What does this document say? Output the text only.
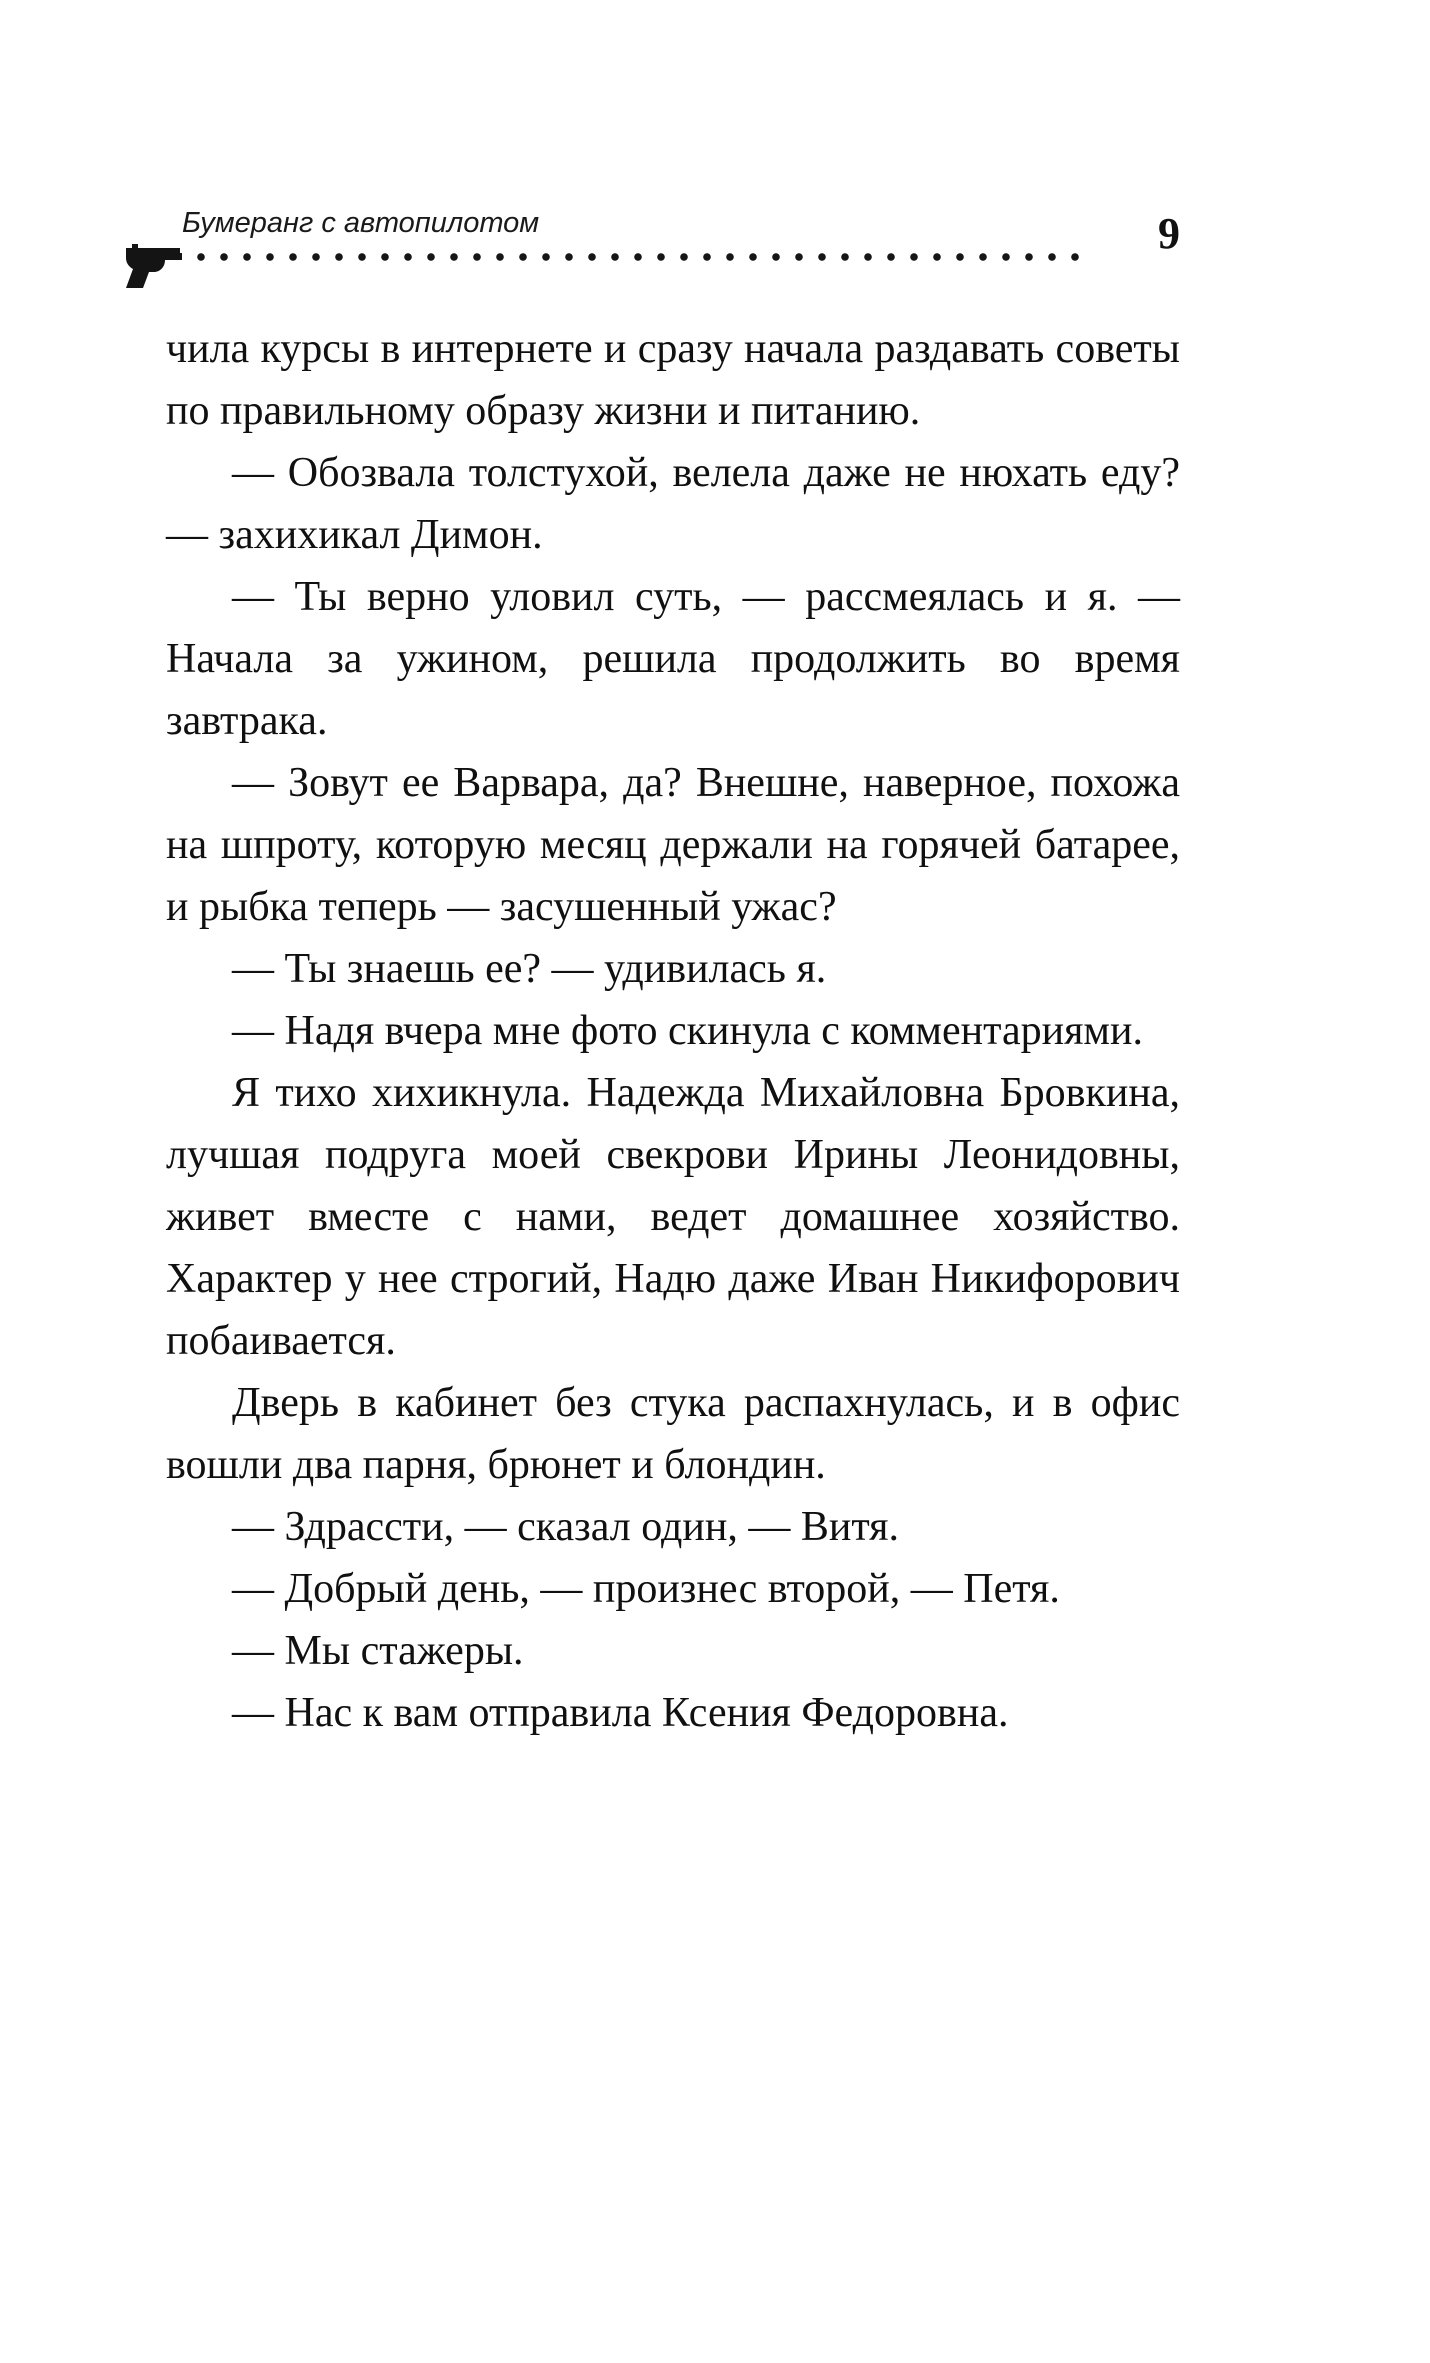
Бумеранг с автопилотом	9

чила курсы в интернете и сразу начала раздавать советы по правильному образу жизни и питанию.

— Обозвала толстухой, велела даже не нюхать еду? — захихикал Димон.

— Ты верно уловил суть, — рассмеялась и я. — Начала за ужином, решила продолжить во время завтрака.

— Зовут ее Варвара, да? Внешне, наверное, похожа на шпроту, которую месяц держали на горячей батарее, и рыбка теперь — засушенный ужас?

— Ты знаешь ее? — удивилась я.

— Надя вчера мне фото скинула с комментариями.

Я тихо хихикнула. Надежда Михайловна Бровкина, лучшая подруга моей свекрови Ирины Леонидовны, живет вместе с нами, ведет домашнее хозяйство. Характер у нее строгий, Надю даже Иван Никифорович побаивается.

Дверь в кабинет без стука распахнулась, и в офис вошли два парня, брюнет и блондин.

— Здрассти, — сказал один, — Витя.

— Добрый день, — произнес второй, — Петя.

— Мы стажеры.

— Нас к вам отправила Ксения Федоровна.
